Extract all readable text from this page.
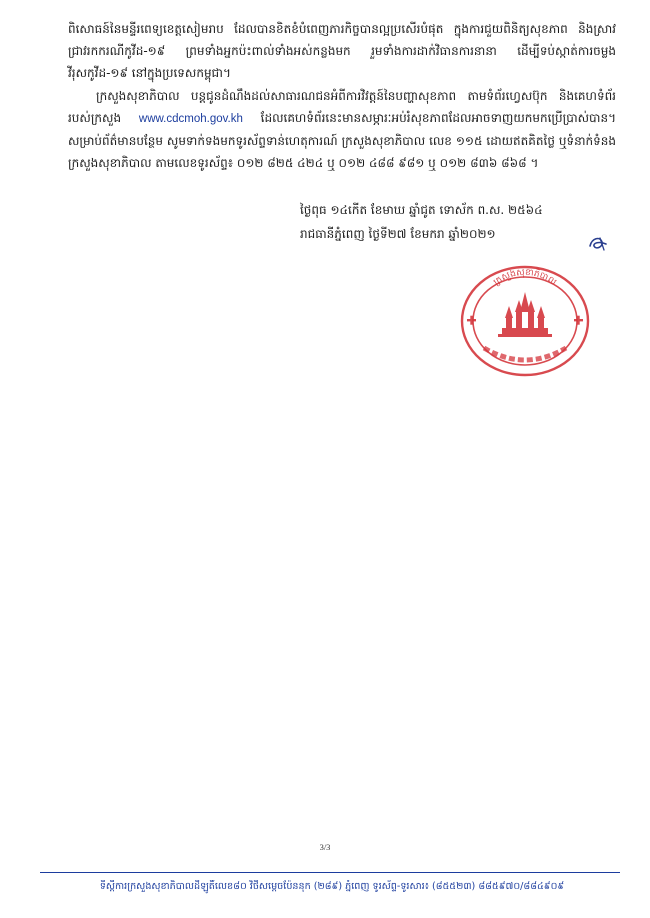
ពិសោធន៍នៃមន្ទីរពេទ្យខេត្តសៀមរាប ដែលបានខិតខំបំពេញភារកិច្ចបានល្អប្រសើរបំផុត ក្នុងការជួយពិនិត្យសុខភាព និងស្រាវជ្រាវរកករណីកូវីដ-១៩ ព្រមទាំងអ្នកប៉ះពាល់ទាំងអស់កន្លងមក រួមទាំងការដាក់វិធានការនានា ដើម្បីទប់ស្កាត់ការចម្លងវីរុសកូវីដ-១៩ នៅក្នុងប្រទេសកម្ពុជា។

ក្រសួងសុខាភិបាល បន្តជូនដំណឹងដល់សាធារណជនអំពីការវិវត្តន៍នៃបញ្ហាសុខភាព តាមទំព័រហ្វេសប៊ុក និងគេហទំព័ររបស់ក្រសួង www.cdcmoh.gov.kh ដែលគេហទំព័រនេះមានសម្ភារៈអប់រំសុខភាពដែលអាចទាញយកមកប្រើប្រាស់បាន។ សម្រាប់ព័ត៌មានបន្ថែម សូមទាក់ទងមកទូរស័ព្ទទាន់ហេតុការណ៍ ក្រសួងសុខាភិបាល លេខ ១១៥ ដោយឥតគិតថ្លៃ ឬទំនាក់ទំនងក្រសួងសុខាភិបាល តាមលេខទូរស័ព្ទ៖ ០១២ ៨២៥ ៤២៤ ឬ ០១២ ៤៨៨ ៩៨១ ឬ ០១២ ៨៣៦ ៨៦៨ ។

ថ្ងៃពុធ ១៤កើត ខែមាឃ ឆ្នាំជូត ទោស័ក ព.ស. ២៥៦៤
រាជធានីភ្នំពេញ ថ្ងៃទី២៧ ខែមករា ឆ្នាំ២០២១
ក្រសួងសុខាភិបាល
3/3
ទីស្តីការក្រសួងសុខាភិបាលដីឡូតិ៍លេខ៨០ វិថីសម្តេចប៉ែននុក (២៨៩) ភ្នំពេញ ទូរស័ព្ទ-ទូរសារ៖ (៨៥៥២៣) ៨៨៥៩៧០/៨៨៤៩០៩
